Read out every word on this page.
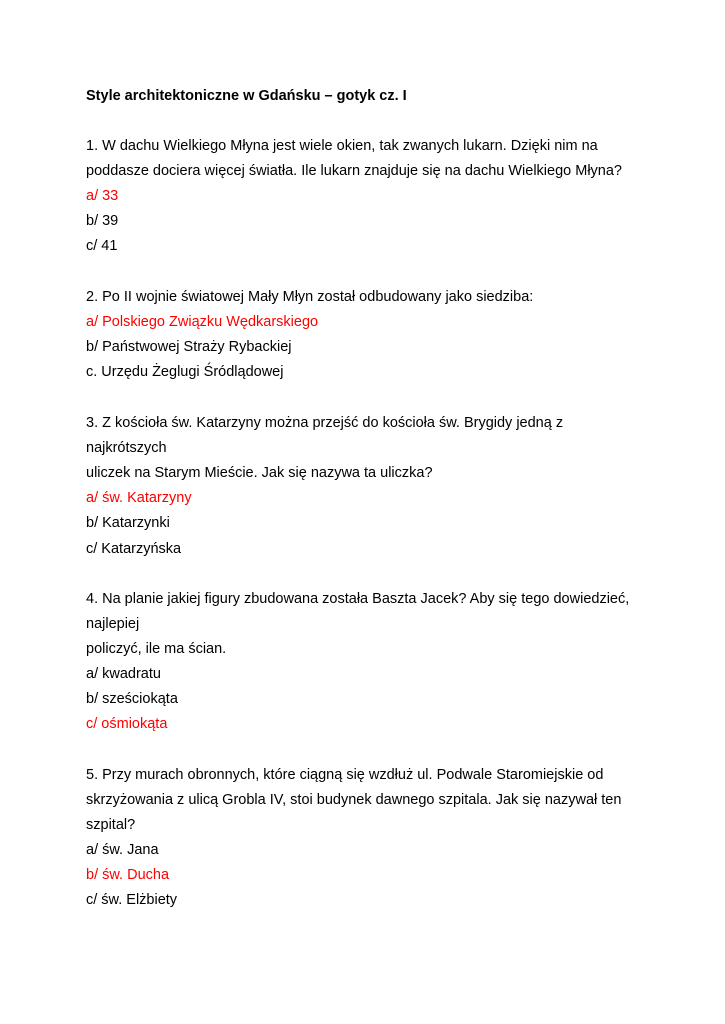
Style architektoniczne w Gdańsku – gotyk cz. I
1. W dachu Wielkiego Młyna jest wiele okien, tak zwanych lukarn. Dzięki nim na
poddasze dociera więcej światła. Ile lukarn znajduje się na dachu Wielkiego Młyna?
a/ 33
b/ 39
c/ 41
2. Po II wojnie światowej Mały Młyn został odbudowany jako siedziba:
a/ Polskiego Związku Wędkarskiego
b/ Państwowej Straży Rybackiej
c. Urzędu Żeglugi Śródlądowej
3. Z kościoła św. Katarzyny można przejść do kościoła św. Brygidy jedną z
najkrótszych
uliczek na Starym Mieście. Jak się nazywa ta uliczka?
a/ św. Katarzyny
b/ Katarzynki
c/ Katarzyńska
4. Na planie jakiej figury zbudowana została Baszta Jacek? Aby się tego dowiedzieć,
najlepiej
policzyć, ile ma ścian.
a/ kwadratu
b/ sześciokąta
c/ ośmiokąta
5. Przy murach obronnych, które ciągną się wzdłuż ul. Podwale Staromiejskie od
skrzyżowania z ulicą Grobla IV, stoi budynek dawnego szpitala. Jak się nazywał ten
szpital?
a/ św. Jana
b/ św. Ducha
c/ św. Elżbiety
